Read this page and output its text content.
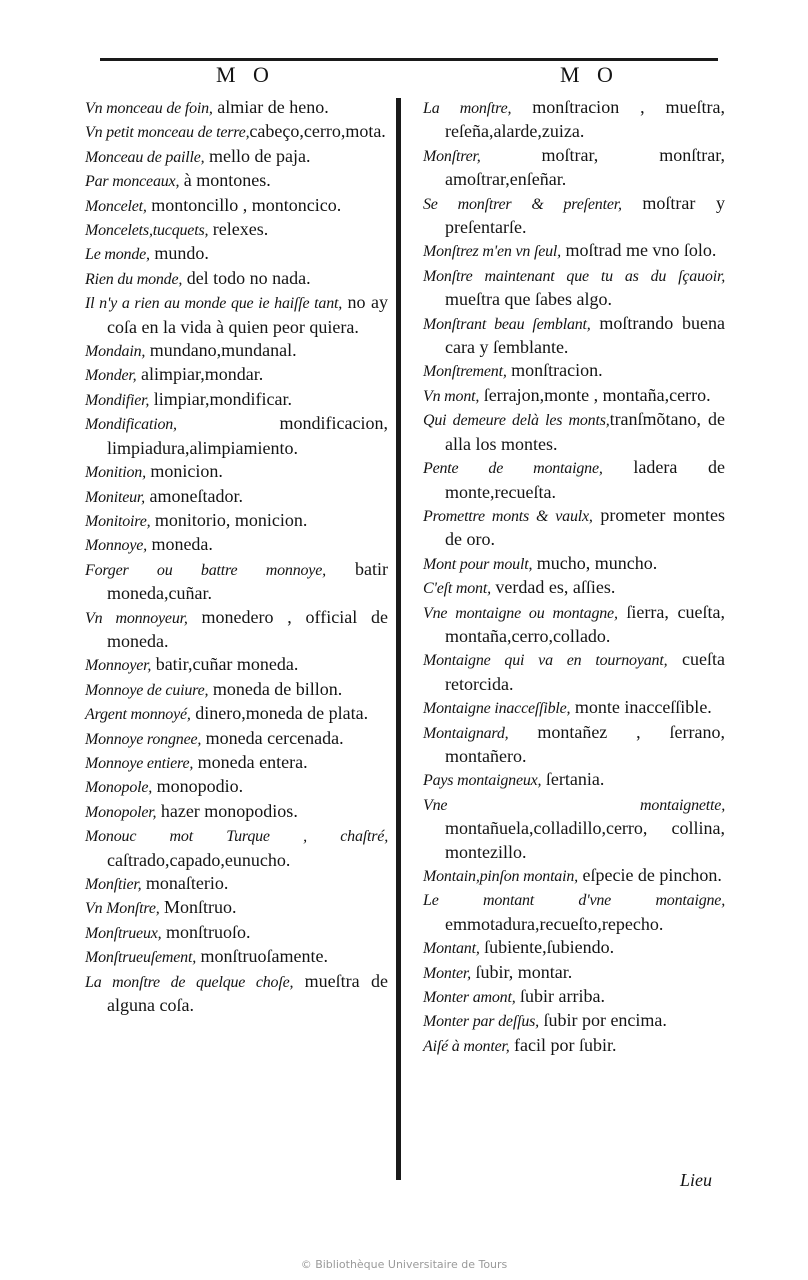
M O	M O
Vn monceau de foin, almiar de heno.
Vn petit monceau de terre,cabeço,cerro,mota.
Monceau de paille, mello de paja.
Par monceaux, à montones.
Moncelet, montoncillo , montoncico.
Moncelets,tucquets, relexes.
Le monde, mundo.
Rien du monde, del todo no nada.
Il n'y a rien au monde que ie haiſſe tant, no ay coſa en la vida à quien peor quiera.
Mondain, mundano,mundanal.
Monder, alimpiar,mondar.
Mondifier, limpiar,mondificar.
Mondification, mondificacion, limpiadura,alimpiamiento.
Monition, monicion.
Moniteur, amoneſtador.
Monitoire, monitorio, monicion.
Monnoye, moneda.
Forger ou battre monnoye, batir moneda,cuñar.
Vn monnoyeur, monedero , official de moneda.
Monnoyer, batir,cuñar moneda.
Monnoye de cuiure, moneda de billon.
Argent monnoyé, dinero,moneda de plata.
Monnoye rongnee, moneda cercenada.
Monnoye entiere, moneda entera.
Monopole, monopodio.
Monopoler, hazer monopodios.
Monouc mot Turque , chaſtré, caſtrado,capado,eunucho.
Monſtier, monaſterio.
Vn Monſtre, Monſtruo.
Monſtrueux, monſtruoſo.
Monſtrueuſement, monſtruoſamente.
La monſtre de quelque choſe, mueſtra de alguna coſa.
La monſtre, monſtracion , mueſtra, reſeña,alarde,zuiza.
Monſtrer, moſtrar, monſtrar, amoſtrar,enſeñar.
Se monſtrer & preſenter, moſtrar y preſentarſe.
Monſtrez m'en vn ſeul, moſtrad me vno ſolo.
Monſtre maintenant que tu as du ſçauoir, mueſtra que ſabes algo.
Monſtrant beau ſemblant, moſtrando buena cara y ſemblante.
Monſtrement, monſtracion.
Vn mont, ſerrajon,monte , montaña,cerro.
Qui demeure delà les monts,tranſmõtano, de alla los montes.
Pente de montaigne, ladera de monte,recueſta.
Promettre monts & vaulx, prometer montes de oro.
Mont pour moult, mucho, muncho.
C'eſt mont, verdad es, aſſies.
Vne montaigne ou montagne, ſierra, cueſta, montaña,cerro,collado.
Montaigne qui va en tournoyant, cueſta retorcida.
Montaigne inacceſſible, monte inacceſſible.
Montaignard, montañez , ſerrano, montañero.
Pays montaigneux, ſertania.
Vne montaignette, montañuela,colladillo,cerro, collina, montezillo.
Montain,pinſon montain, eſpecie de pinchon.
Le montant d'vne montaigne, emmotadura,recueſto,repecho.
Montant, ſubiente,ſubiendo.
Monter, ſubir, montar.
Monter amont, ſubir arriba.
Monter par deſſus, ſubir por encima.
Aiſé à monter, facil por ſubir.
Lieu
© Bibliothèque Universitaire de Tours
